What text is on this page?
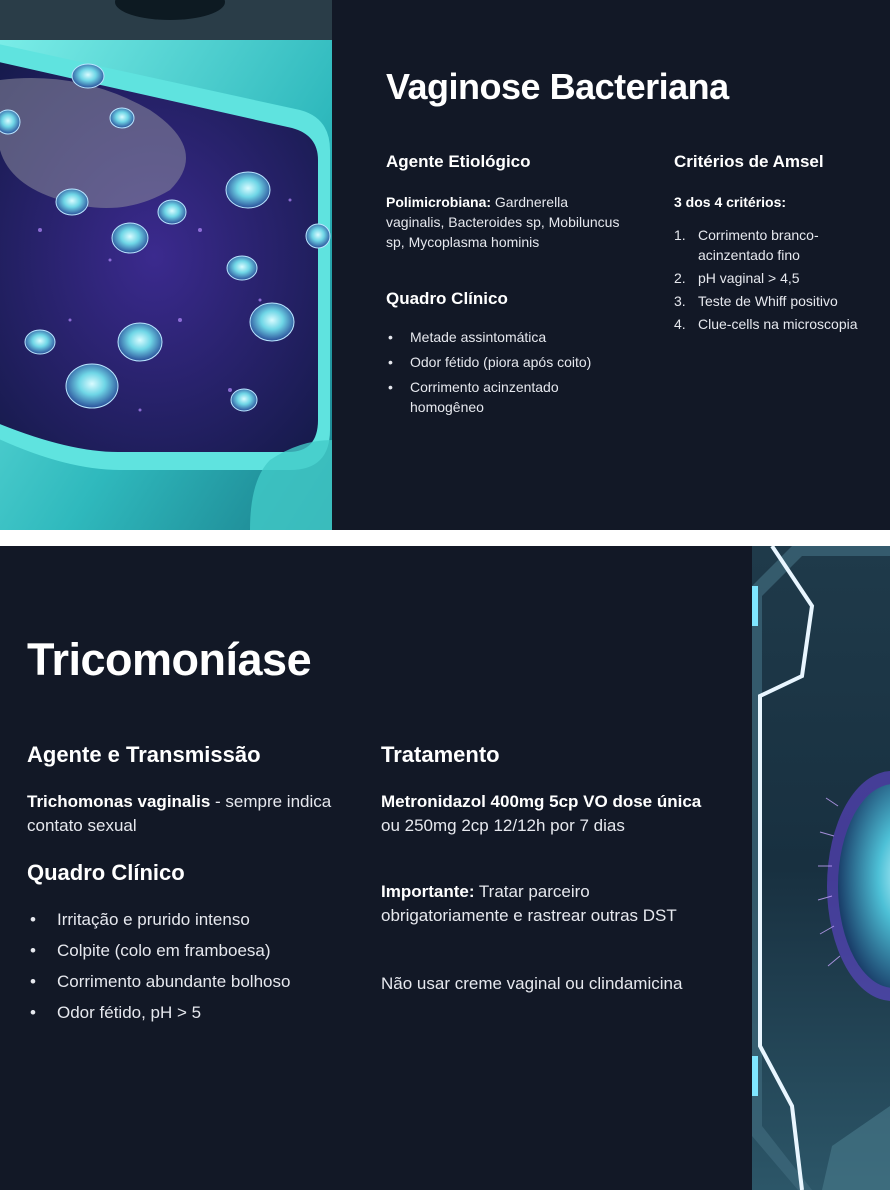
Vaginose Bacteriana
Agente Etiológico

Polimicrobiana: Gardnerella vaginalis, Bacteroides sp, Mobiluncus sp, Mycoplasma hominis

Quadro Clínico
• Metade assintomática
• Odor fétido (piora após coito)
• Corrimento acinzentado homogêneo
Critérios de Amsel

3 dos 4 critérios:

1. Corrimento branco-acinzentado fino
2. pH vaginal > 4,5
3. Teste de Whiff positivo
4. Clue-cells na microscopia
Tricomoníase
Agente e Transmissão

Trichomonas vaginalis - sempre indica contato sexual

Quadro Clínico
• Irritação e prurido intenso
• Colpite (colo em framboesa)
• Corrimento abundante bolhoso
• Odor fétido, pH > 5
Tratamento

Metronidazol 400mg 5cp VO dose única ou 250mg 2cp 12/12h por 7 dias

Importante: Tratar parceiro obrigatoriamente e rastrear outras DST

Não usar creme vaginal ou clindamicina
